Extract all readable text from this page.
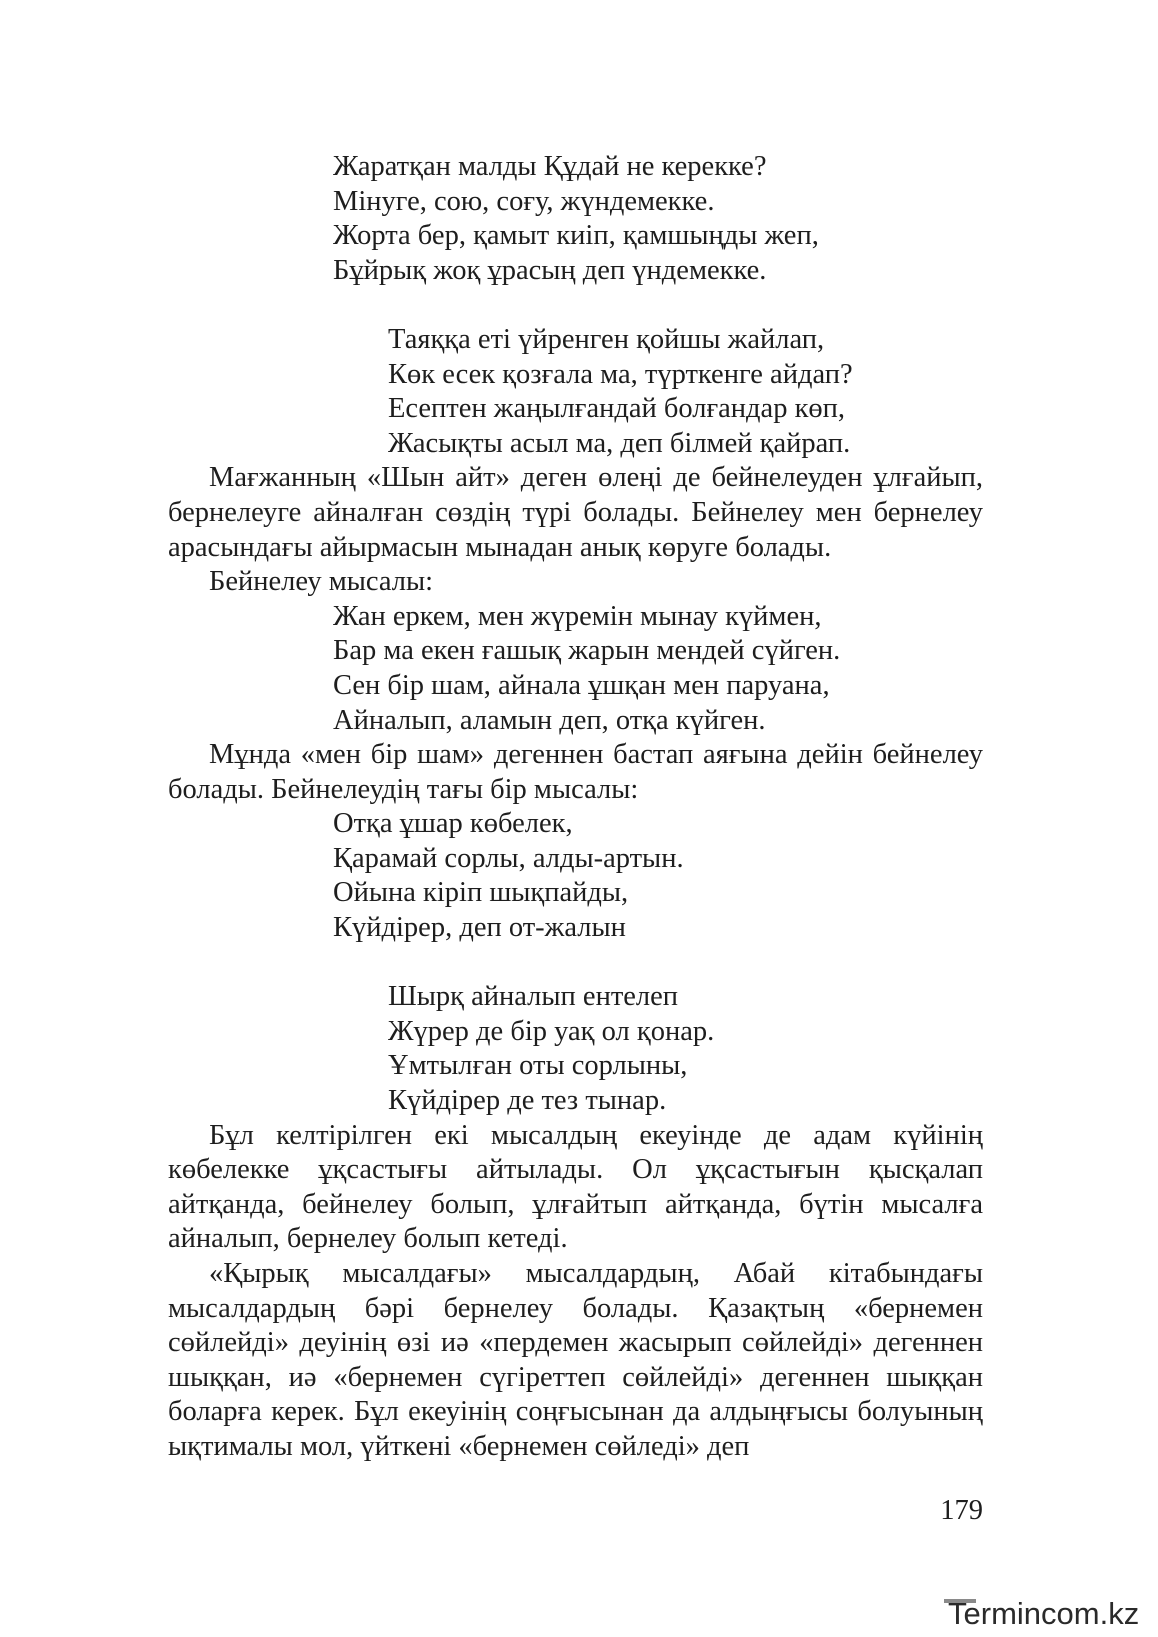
Жаратқан малды Құдай не керекке?
Мінуге, сою, соғу, жүндемекке.
Жорта бер, қамыт киіп, қамшыңды жеп,
Бұйрық жоқ ұрасың деп үндемекке.
Таяққа еті үйренген қойшы жайлап,
Көк есек қозғала ма, түрткенге айдап?
Есептен жаңылғандай болғандар көп,
Жасықты асыл ма, деп білмей қайрап.

Мағжанның «Шын айт» деген өлеңі де бейнелеуден ұлғайып, бернелеуге айналған сөздің түрі болады. Бейнелеу мен бернелеу арасындағы айырмасын мынадан анық көруге болады.

Бейнелеу мысалы:

Жан еркем, мен жүремін мынау күймен,
Бар ма екен ғашық жарын мендей сүйген.
Сен бір шам, айнала ұшқан мен паруана,
Айналып, аламын деп, отқа күйген.

Мұнда «мен бір шам» дегеннен бастап аяғына дейін бейнелеу болады. Бейнелеудің тағы бір мысалы:

Отқа ұшар көбелек,
Қарамай сорлы, алды-артын.
Ойына кіріп шықпайды,
Күйдірер, деп от-жалын
Шырқ айналып ентелеп
Жүрер де бір уақ ол қонар.
Ұмтылған оты сорлыны,
Күйдірер де тез тынар.

Бұл келтірілген екі мысалдың екеуінде де адам күйінің көбелекке ұқсастығы айтылады. Ол ұқсастығын қысқалап айтқанда, бейнелеу болып, ұлғайтып айтқанда, бүтін мысалға айналып, бернелеу болып кетеді.

«Қырық мысалдағы» мысалдардың, Абай кітабындағы мысалдардың бәрі бернелеу болады. Қазақтың «бернемен сөйлейді» деуінің өзі иә «пердемен жасырып сөйлейді» дегеннен шыққан, иә «бернемен сүгіреттеп сөйлейді» дегеннен шыққан боларға керек. Бұл екеуінің соңғысынан да алдыңғысы болуының ықтималы мол, үйткені «бернемен сөйледі» деп

179
Termincom.kz
